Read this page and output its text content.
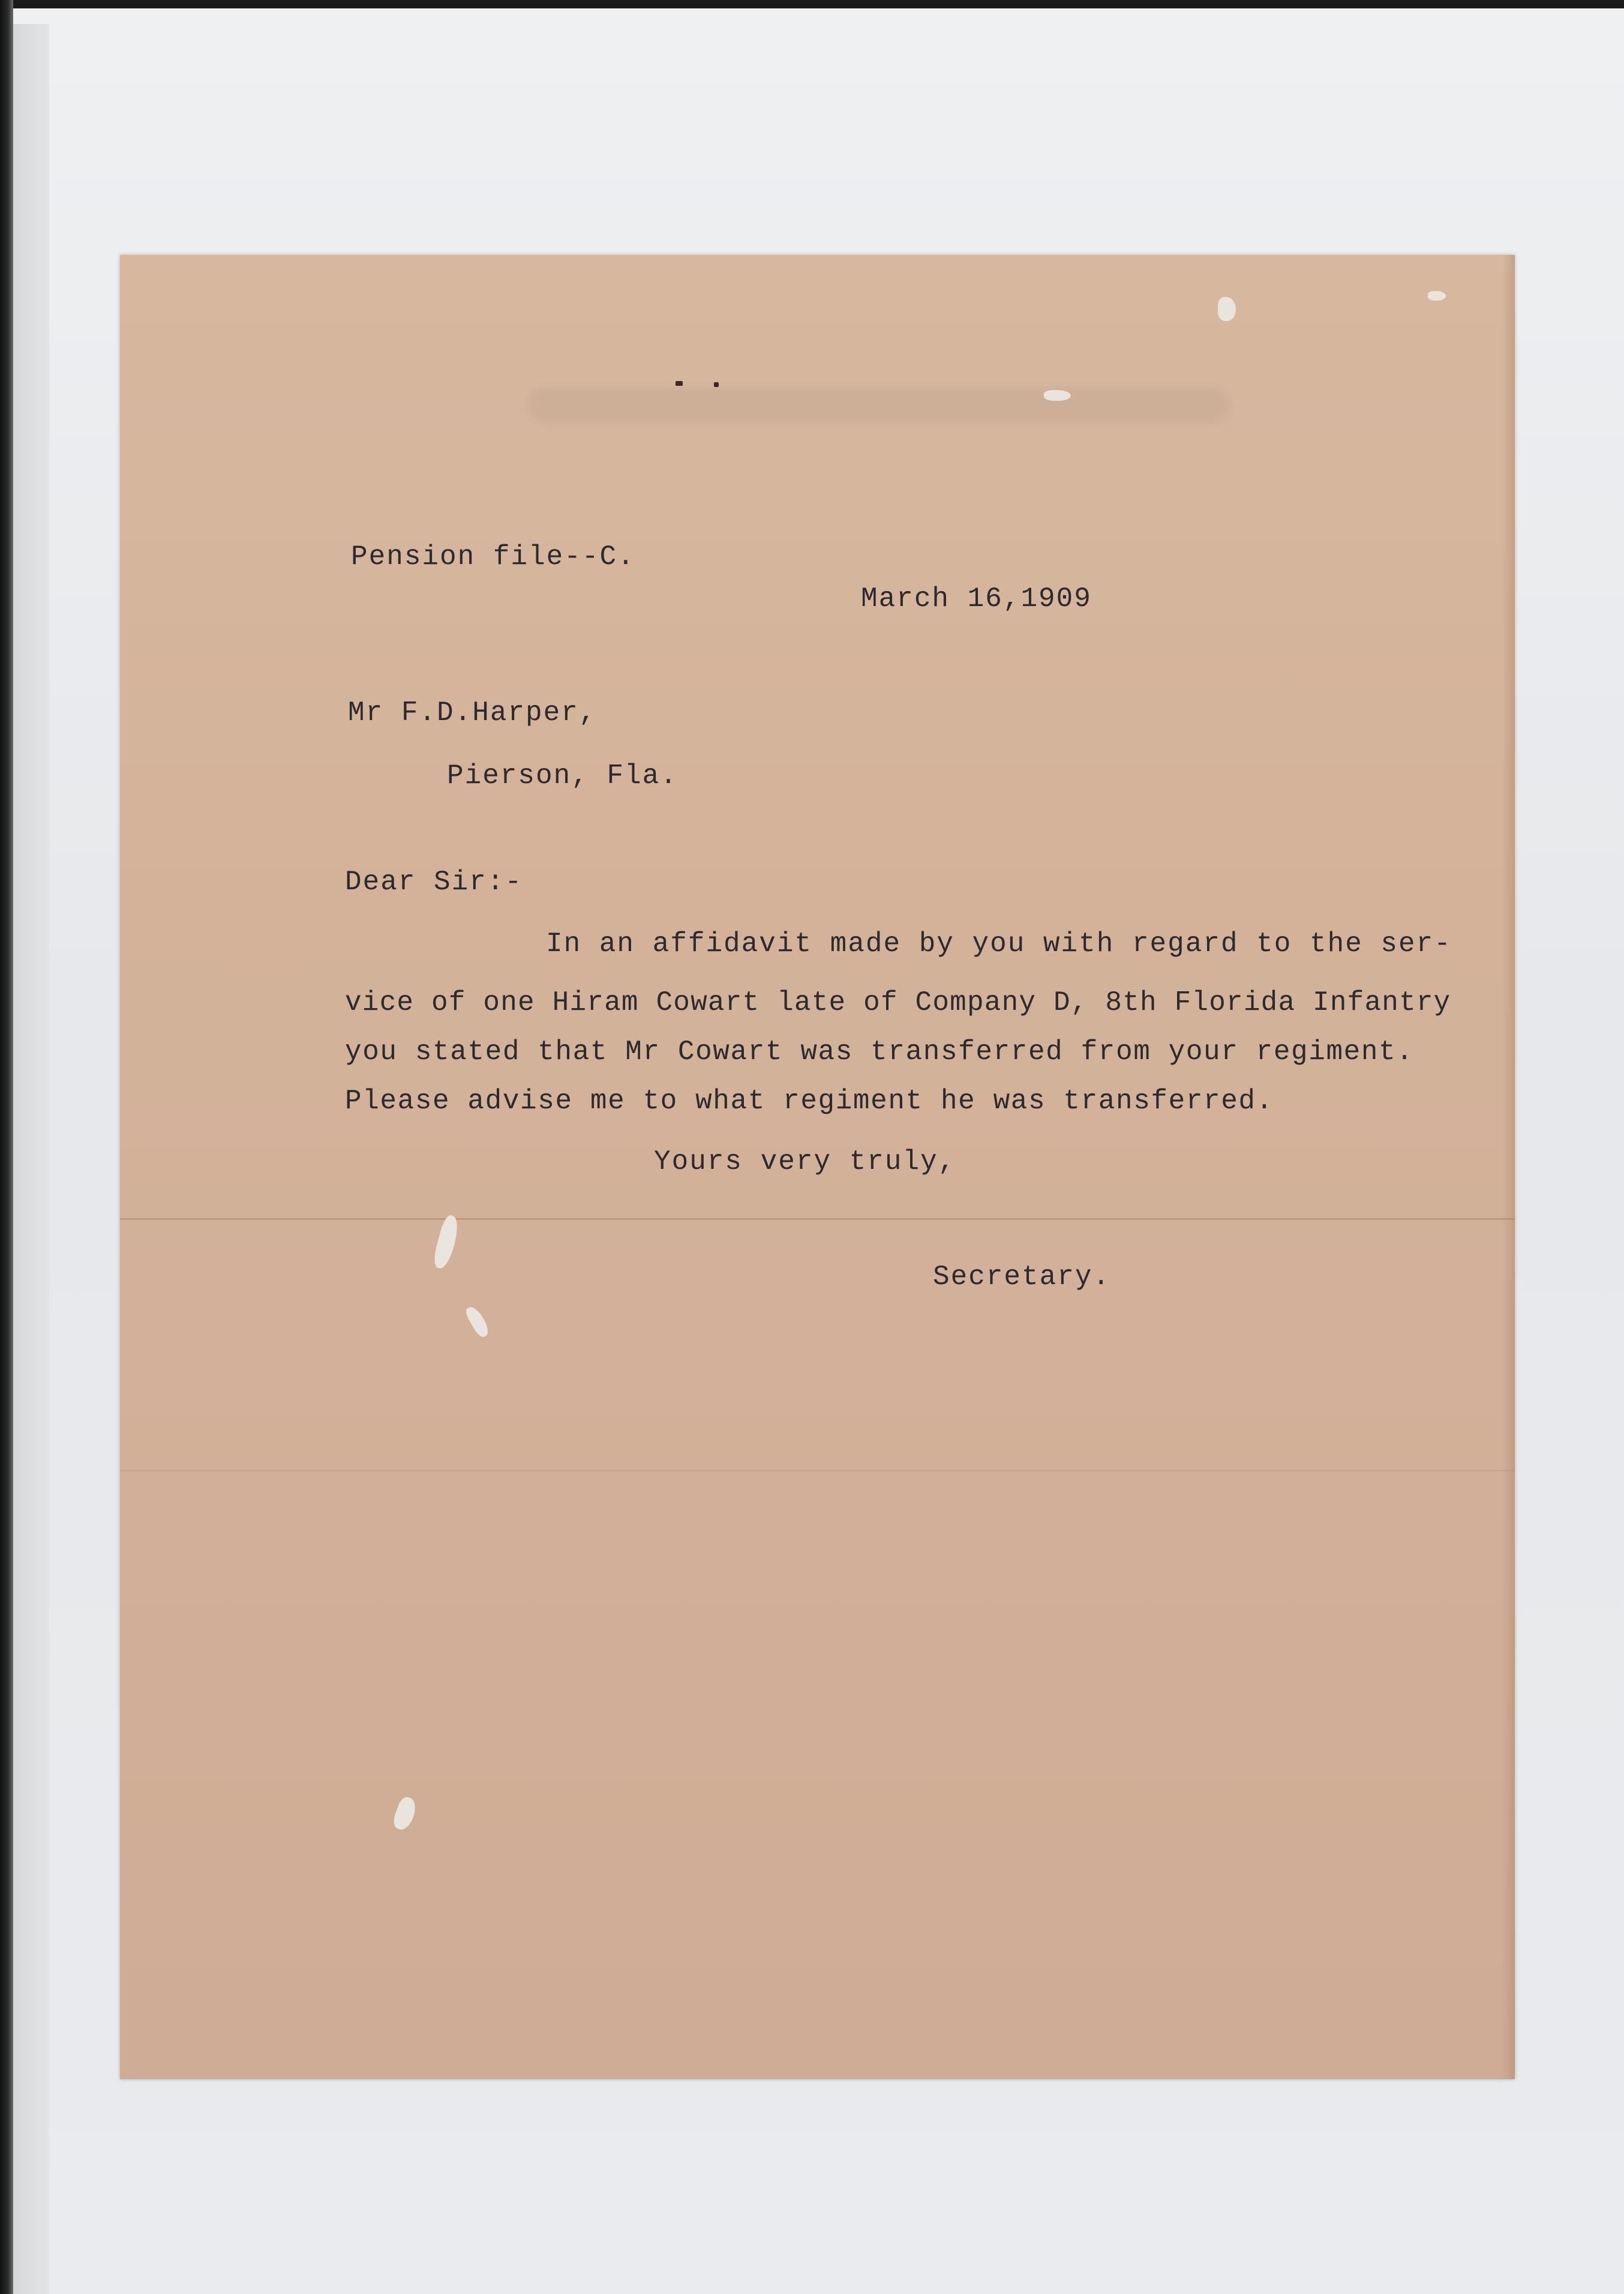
Pension file--C.
March 16,1909
Mr F.D.Harper,
Pierson, Fla.
Dear Sir:-
In an affidavit made by you with regard to the ser-
vice of one Hiram Cowart late of Company D, 8th Florida Infantry
you stated that Mr Cowart was transferred from your regiment.
Please advise me to what regiment he was transferred.
Yours very truly,
Secretary.
